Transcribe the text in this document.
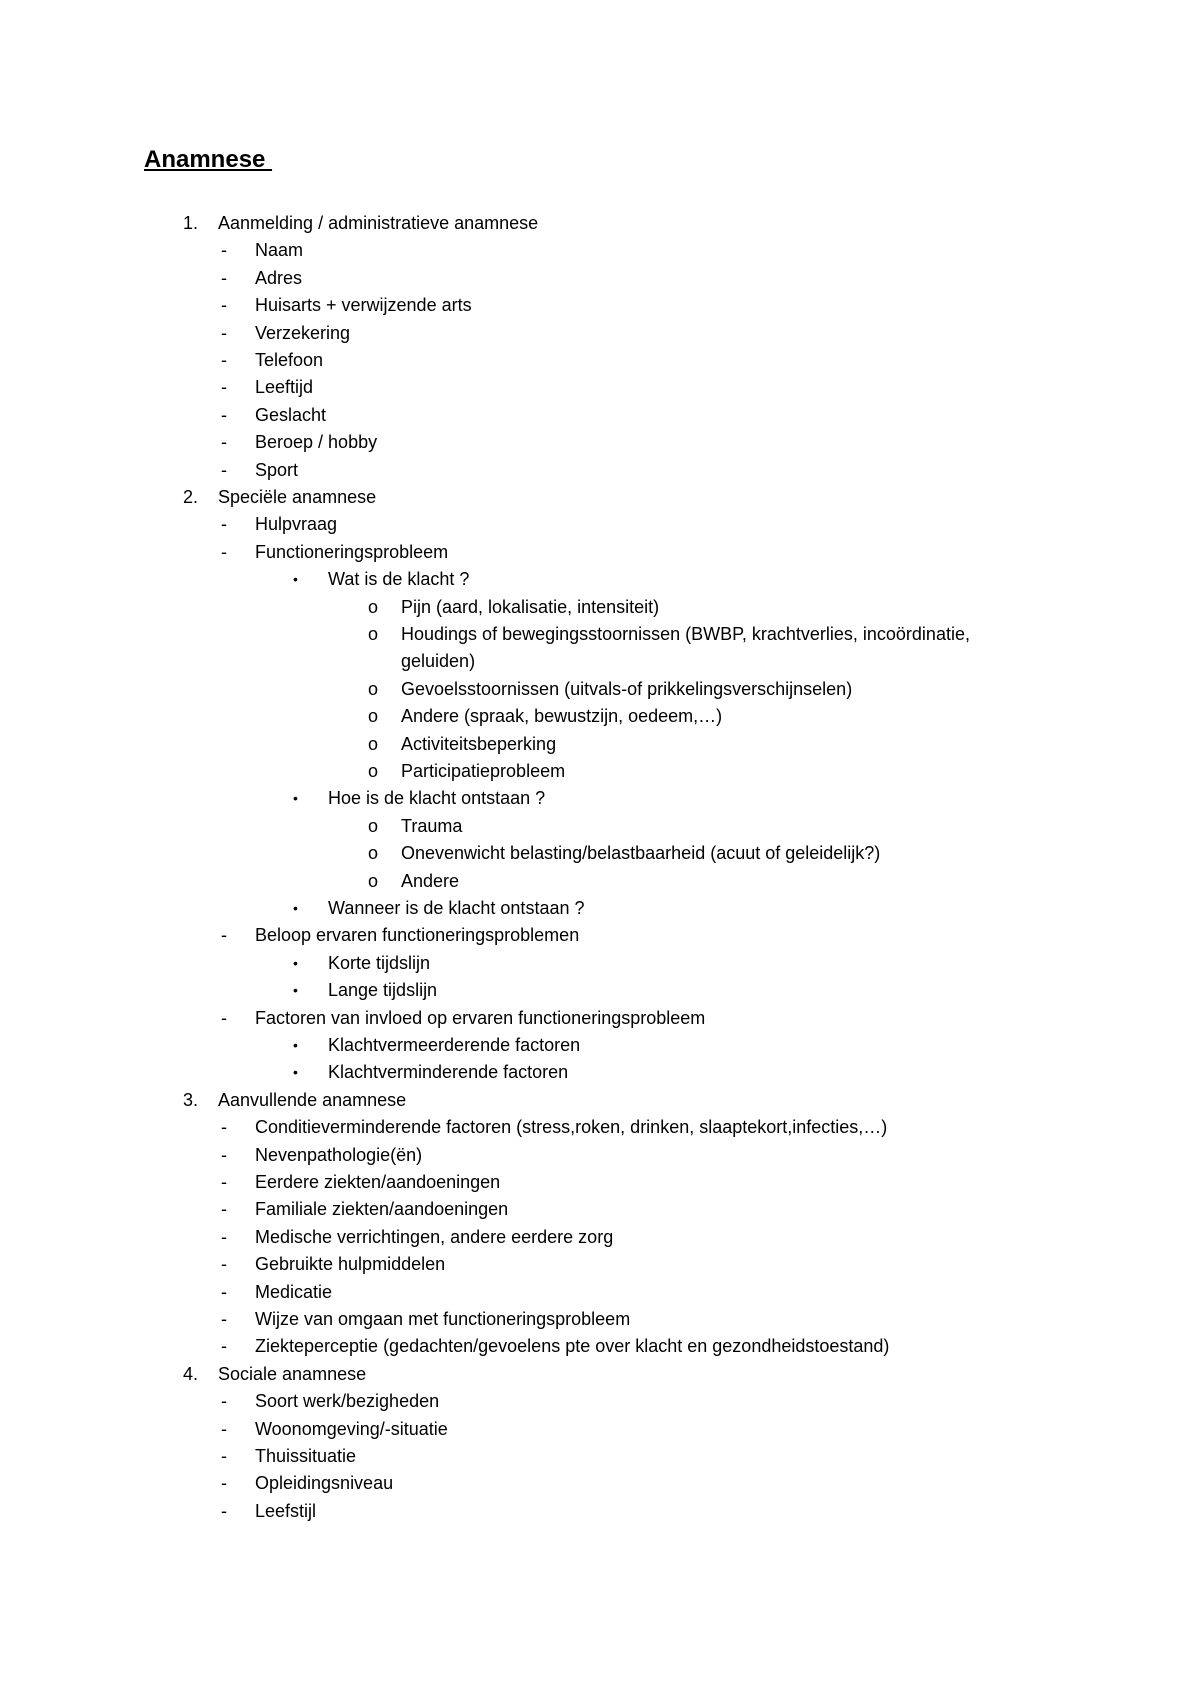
Anamnese
1. Aanmelding / administratieve anamnese
- Naam
- Adres
- Huisarts + verwijzende arts
- Verzekering
- Telefoon
- Leeftijd
- Geslacht
- Beroep / hobby
- Sport
2. Speciële anamnese
- Hulpvraag
- Functioneringsprobleem
• Wat is de klacht ?
o Pijn (aard, lokalisatie, intensiteit)
o Houdings of bewegingsstoornissen (BWBP, krachtverlies, incoördinatie,
geluiden)
o Gevoelsstoornissen (uitvals-of prikkelingsverschijnselen)
o Andere (spraak, bewustzijn, oedeem,…)
o Activiteitsbeperking
o Participatieprobleem
• Hoe is de klacht ontstaan ?
o Trauma
o Onevenwicht belasting/belastbaarheid (acuut of geleidelijk?)
o Andere
• Wanneer is de klacht ontstaan ?
- Beloop ervaren functioneringsproblemen
• Korte tijdslijn
• Lange tijdslijn
- Factoren van invloed op ervaren functioneringsprobleem
• Klachtvermeerderende factoren
• Klachtverminderende factoren
3. Aanvullende anamnese
- Conditieverminderende factoren (stress,roken, drinken, slaaptekort,infecties,…)
- Nevenpathologie(ën)
- Eerdere ziekten/aandoeningen
- Familiale ziekten/aandoeningen
- Medische verrichtingen, andere eerdere zorg
- Gebruikte hulpmiddelen
- Medicatie
- Wijze van omgaan met functioneringsprobleem
- Ziekteperceptie (gedachten/gevoelens pte over klacht en gezondheidstoestand)
4. Sociale anamnese
- Soort werk/bezigheden
- Woonomgeving/-situatie
- Thuissituatie
- Opleidingsniveau
- Leefstijl
